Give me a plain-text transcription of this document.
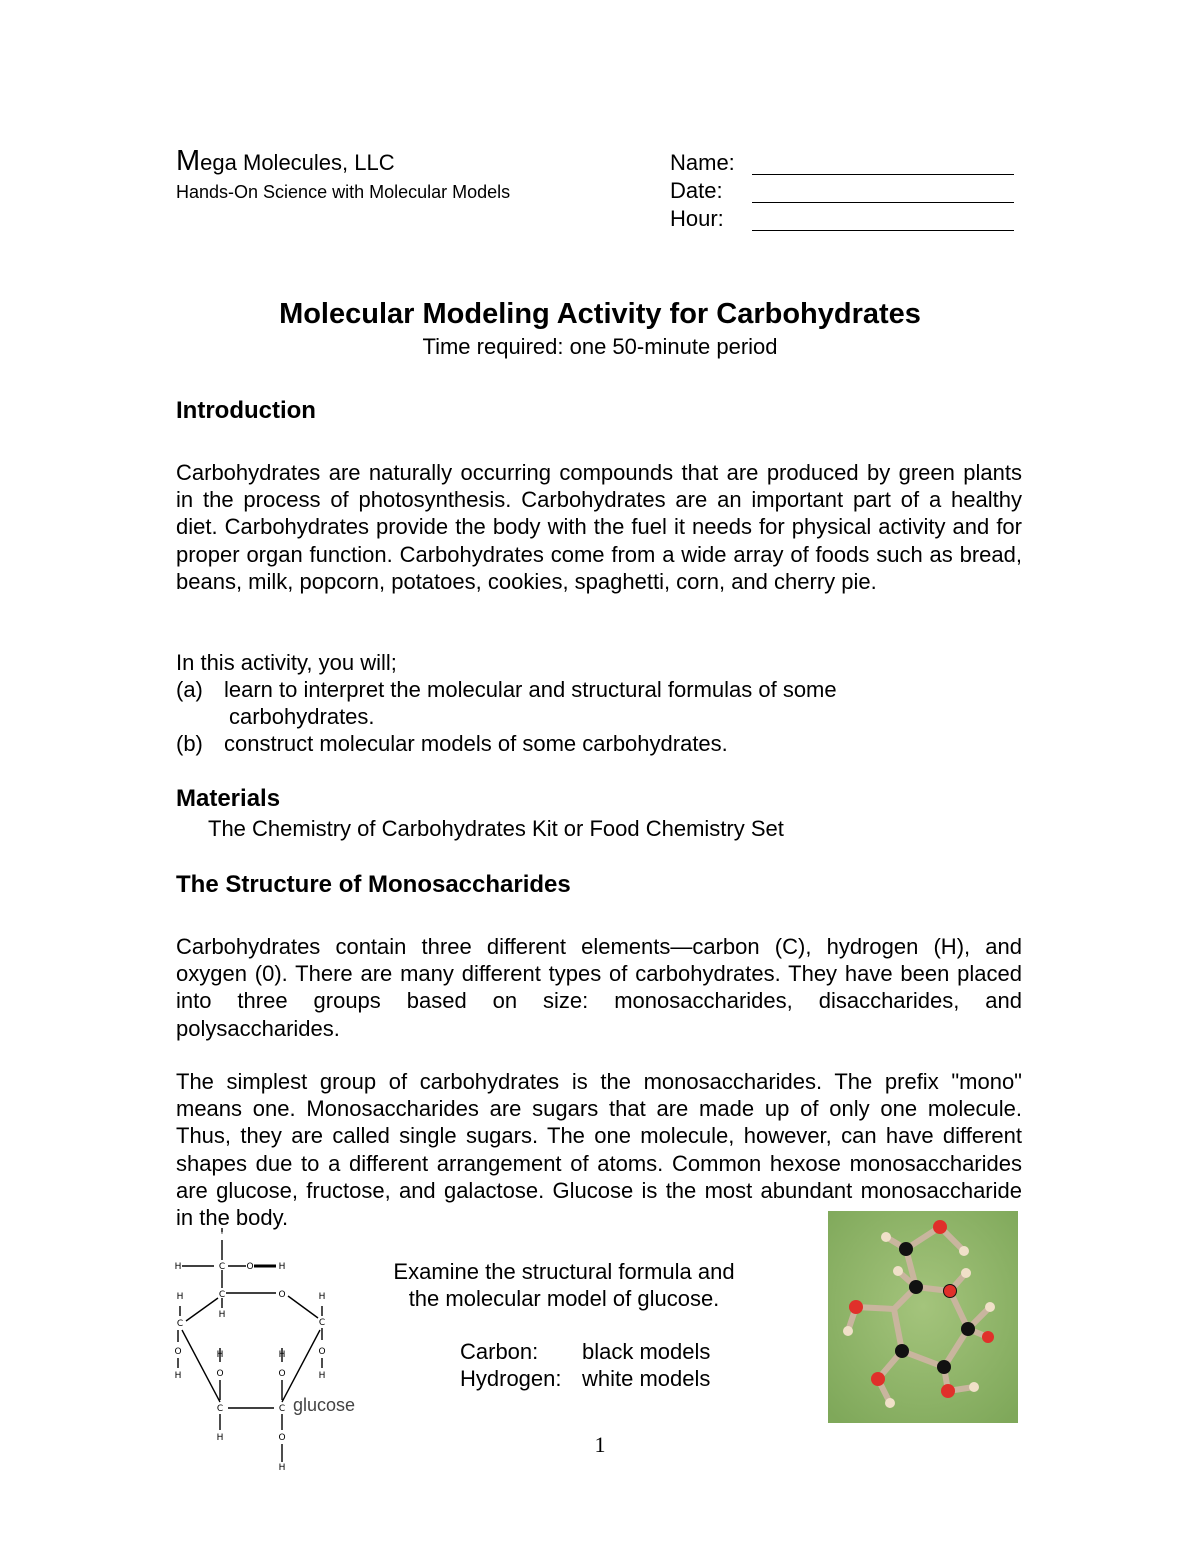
Mega Molecules, LLC
Hands-On Science with Molecular Models
Name:
Date:
Hour:
Molecular Modeling Activity for Carbohydrates
Time required: one 50-minute period
Introduction

Carbohydrates are naturally occurring compounds that are produced by green plants in the process of photosynthesis. Carbohydrates are an important part of a healthy diet. Carbohydrates provide the body with the fuel it needs for physical activity and for proper organ function. Carbohydrates come from a wide array of foods such as bread, beans, milk, popcorn, potatoes, cookies, spaghetti, corn, and cherry pie.

In this activity, you will;
(a) learn to interpret the molecular and structural formulas of some
carbohydrates.
(b) construct molecular models of some carbohydrates.
Materials
The Chemistry of Carbohydrates Kit or Food Chemistry Set
The Structure of Monosaccharides

Carbohydrates contain three different elements—carbon (C), hydrogen (H), and oxygen (0). There are many different types of carbohydrates. They have been placed into three groups based on size: monosaccharides, disaccharides, and polysaccharides.

The simplest group of carbohydrates is the monosaccharides. The prefix "mono" means one. Monosaccharides are sugars that are made up of only one molecule. Thus, they are called single sugars. The one molecule, however, can have different shapes due to a different arrangement of atoms. Common hexose monosaccharides are glucose, fructose, and galactose. Glucose is the most abundant monosaccharide in the body.

'
H	C O	H
H	C	O	H
H
C	C
O	H	H	O
H	O	O	H
C	C
H	O
H
glucose
Examine the structural formula and
the molecular model of glucose.
Carbon: black models
Hydrogen: white models
1
